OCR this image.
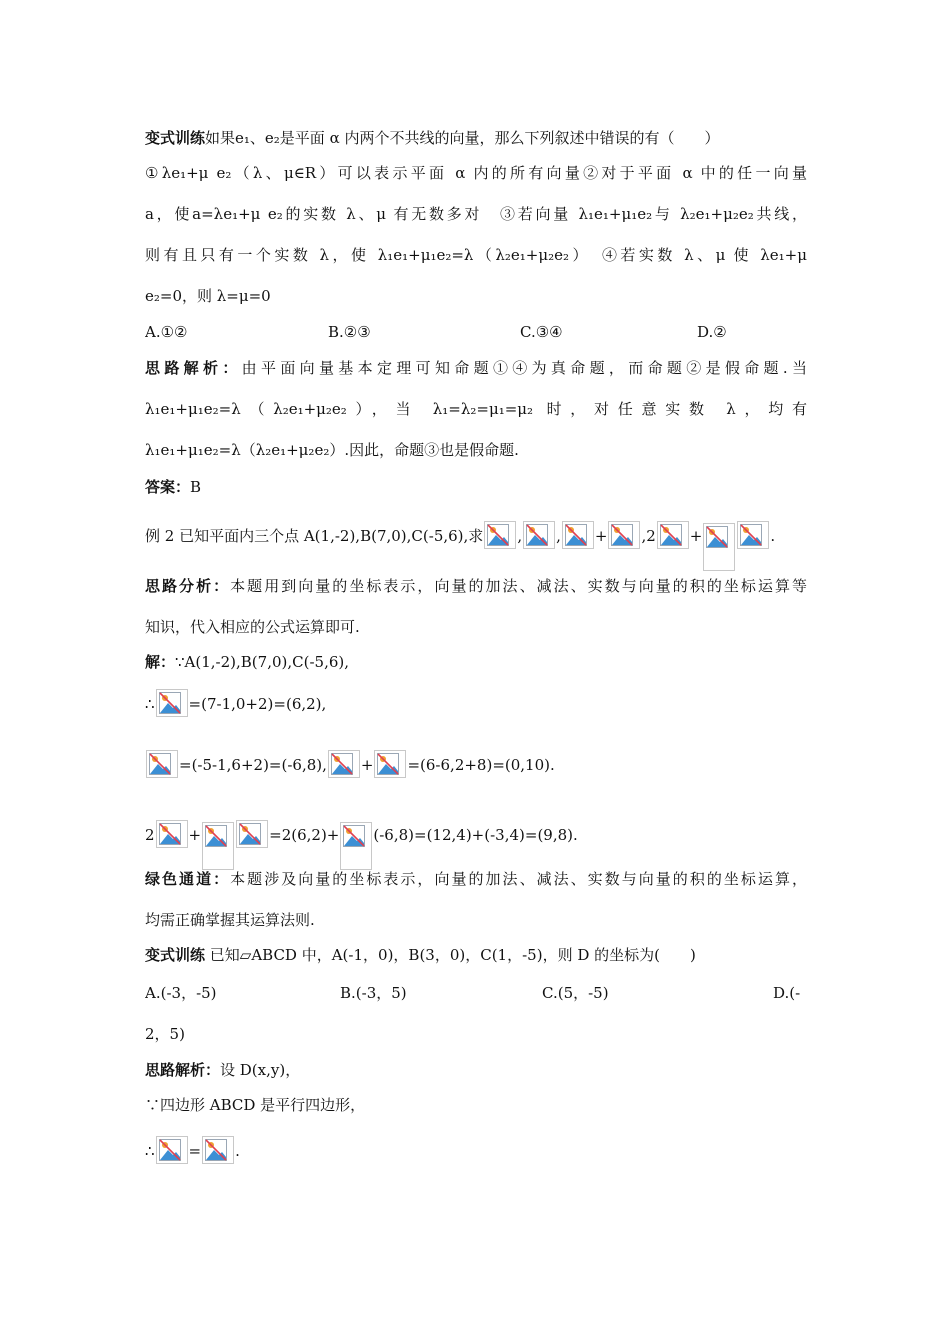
变式训练如果e₁、e₂是平面 α 内两个不共线的向量，那么下列叙述中错误的有（　　）
①λe₁+μ e₂（λ、μ∈R）可以表示平面 α 内的所有向量②对于平面 α 中的任一向量
a，使a=λe₁+μ e₂的实数 λ、μ 有无数多对　③若向量 λ₁e₁+μ₁e₂与 λ₂e₁+μ₂e₂共线，
则有且只有一个实数 λ，使 λ₁e₁+μ₁e₂=λ（λ₂e₁+μ₂e₂）　④若实数 λ、μ 使 λe₁+μ
e₂=0，则 λ=μ=0
A.①②	B.②③	C.③④	D.②
思路解析：由平面向量基本定理可知命题①④为真命题，而命题②是假命题.当
λ₁e₁+μ₁e₂=λ（λ₂e₁+μ₂e₂），当 λ₁=λ₂=μ₁=μ₂ 时，对任意实数 λ，均有
λ₁e₁+μ₁e₂=λ（λ₂e₁+μ₂e₂）.因此，命题③也是假命题.
答案：B
例 2 已知平面内三个点 A(1,-2),B(7,0),C(-5,6),求 , , + ,2 +	.
思路分析：本题用到向量的坐标表示，向量的加法、减法、实数与向量的积的坐标运算等
知识，代入相应的公式运算即可.
解：∵A(1,-2),B(7,0),C(-5,6),
∴ =(7-1,0+2)=(6,2),
=(-5-1,6+2)=(-6,8), + =(6-6,2+8)=(0,10).
2 +	=2(6,2)+ (-6,8)=(12,4)+(-3,4)=(9,8).
绿色通道：本题涉及向量的坐标表示，向量的加法、减法、实数与向量的积的坐标运算，
均需正确掌握其运算法则.
变式训练 已知▱ABCD 中，A(-1，0)，B(3，0)，C(1，-5)，则 D 的坐标为(　　)
A.(-3，-5)	B.(-3，5)	C.(5，-5)	D.(-
2，5)
思路解析：设 D(x,y)，
∵四边形 ABCD 是平行四边形，
∴ = .
